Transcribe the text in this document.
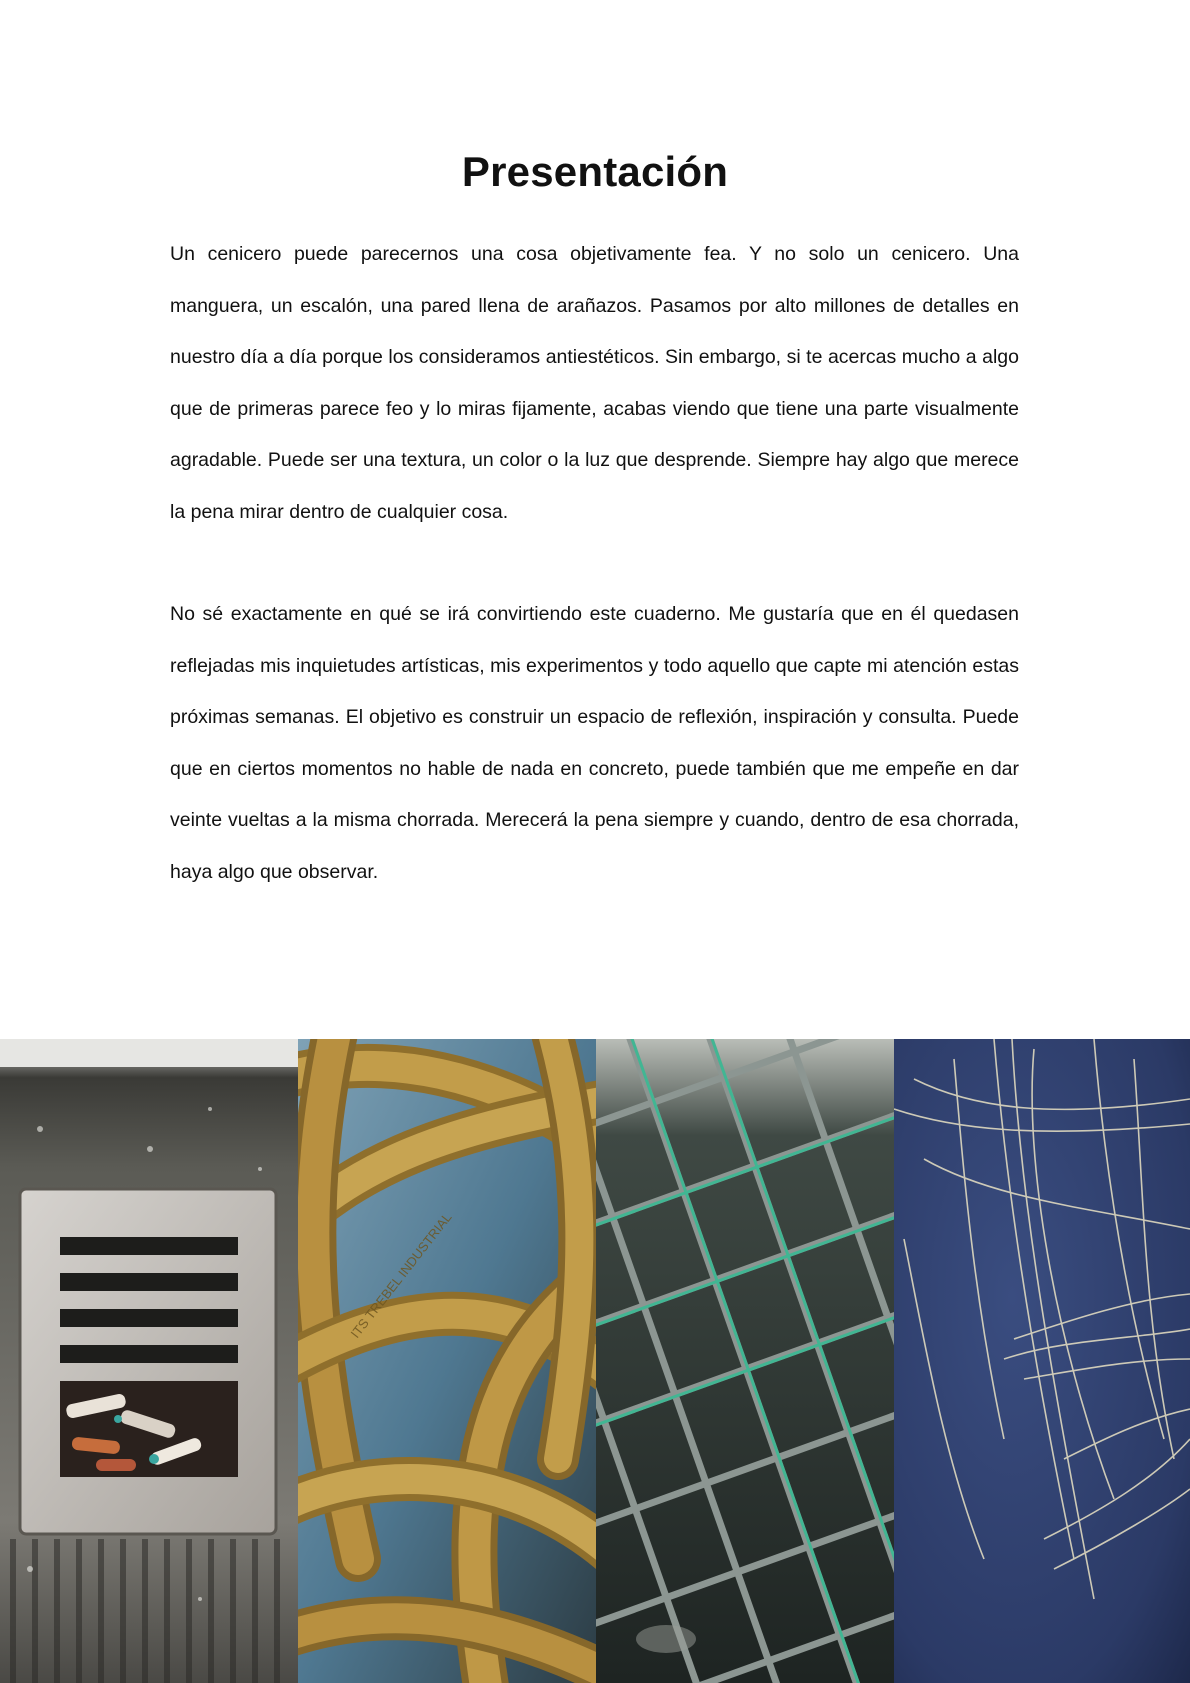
Presentación

Un cenicero puede parecernos una cosa objetivamente fea. Y no solo un cenicero. Una manguera, un escalón, una pared llena de arañazos. Pasamos por alto millones de detalles en nuestro día a día porque los consideramos antiestéticos. Sin embargo, si te acercas mucho a algo que de primeras parece feo y lo miras fijamente, acabas viendo que tiene una parte visualmente agradable. Puede ser una textura, un color o la luz que desprende. Siempre hay algo que merece la pena mirar dentro de cualquier cosa.

No sé exactamente en qué se irá convirtiendo este cuaderno. Me gustaría que en él quedasen reflejadas mis inquietudes artísticas, mis experimentos y todo aquello que capte mi atención estas próximas semanas. El objetivo es construir un espacio de reflexión, inspiración y consulta. Puede que en ciertos momentos no hable de nada en concreto, puede también que me empeñe en dar veinte vueltas a la misma chorrada. Merecerá la pena siempre y cuando, dentro de esa chorrada, haya algo que observar.

ITS TREBEL INDUSTRIAL
